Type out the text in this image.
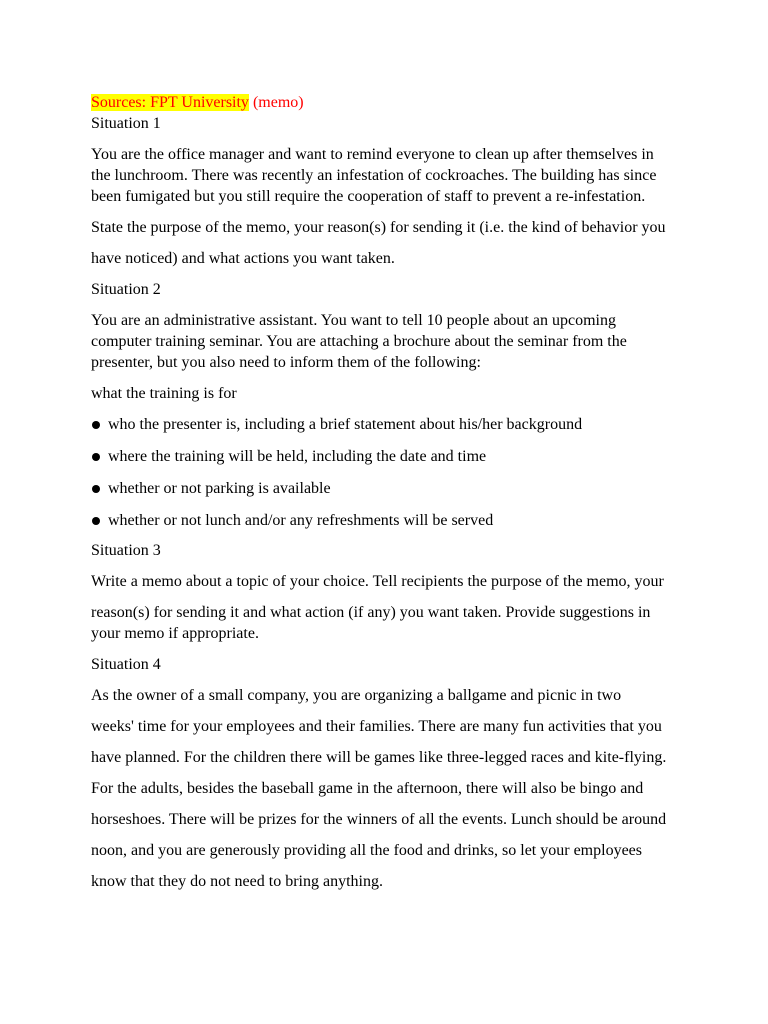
Sources: FPT University (memo)

Situation 1

You are the office manager and want to remind everyone to clean up after themselves in
the lunchroom. There was recently an infestation of cockroaches. The building has since
been fumigated but you still require the cooperation of staff to prevent a re-infestation.

State the purpose of the memo, your reason(s) for sending it (i.e. the kind of behavior you
have noticed) and what actions you want taken.

Situation 2

You are an administrative assistant. You want to tell 10 people about an upcoming
computer training seminar. You are attaching a brochure about the seminar from the
presenter, but you also need to inform them of the following:

what the training is for

who the presenter is, including a brief statement about his/her background
where the training will be held, including the date and time
whether or not parking is available
whether or not lunch and/or any refreshments will be served

Situation 3

Write a memo about a topic of your choice. Tell recipients the purpose of the memo, your
reason(s) for sending it and what action (if any) you want taken. Provide suggestions in
your memo if appropriate.

Situation 4

As the owner of a small company, you are organizing a ballgame and picnic in two
weeks' time for your employees and their families. There are many fun activities that you
have planned. For the children there will be games like three-legged races and kite-flying.
For the adults, besides the baseball game in the afternoon, there will also be bingo and
horseshoes. There will be prizes for the winners of all the events. Lunch should be around
noon, and you are generously providing all the food and drinks, so let your employees
know that they do not need to bring anything.
